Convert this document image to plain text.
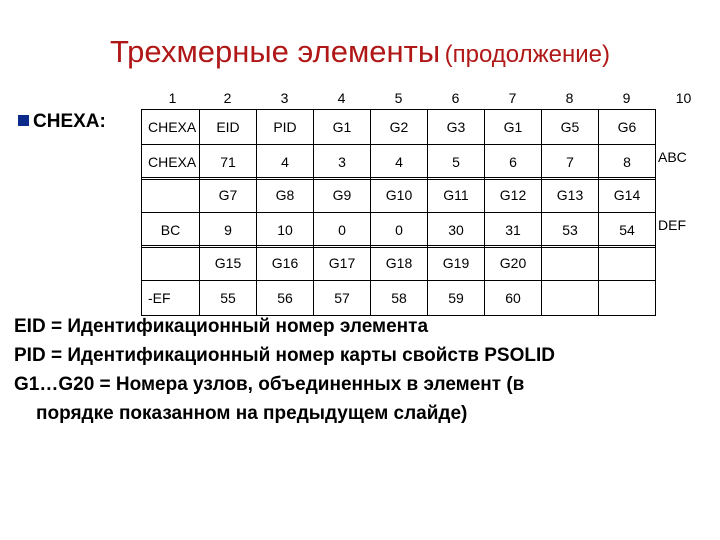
Трехмерные элементы (продолжение)
CHEXA:
1	2	3	4	5	6	7	8	9	10
CHEXA	EID	PID	G1	G2	G3	G1	G5	G6	
CHEXA	71	4	3	4	5	6	7	8	ABC
	G7	G8	G9	G10	G11	G12	G13	G14	
BC	9	10	0	0	30	31	53	54	DEF
	G15	G16	G17	G18	G19	G20			
-EF	55	56	57	58	59	60			

EID = Идентификационный номер элемента

PID = Идентификационный номер карты свойств PSOLID

G1…G20 = Номера узлов, объединенных в элемент (в

порядке показанном на предыдущем слайде)
